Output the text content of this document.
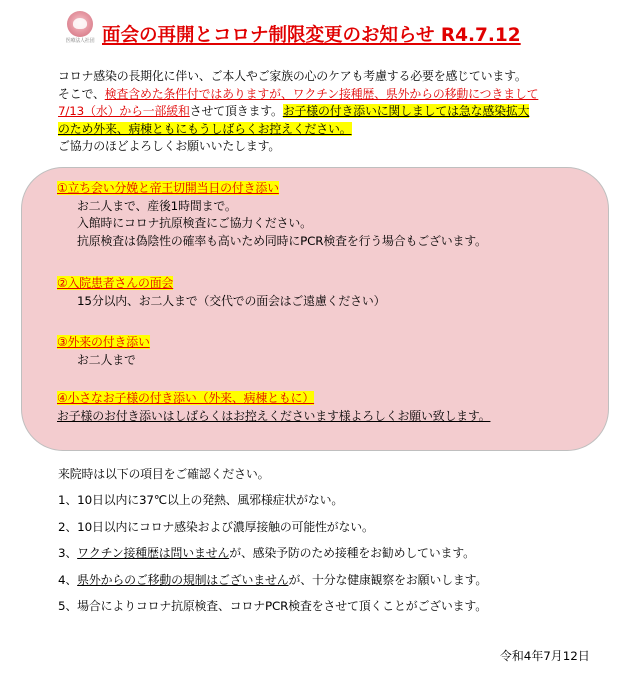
医療法人社団 面会の再開とコロナ制限変更のお知らせ R4.7.12

コロナ感染の長期化に伴い、ご本人やご家族の心のケアも考慮する必要を感じています。

そこで、検査含めた条件付ではありますが、ワクチン接種歴、県外からの移動につきまして

7/13（水）から一部緩和させて頂きます。お子様の付き添いに関しましては急な感染拡大

のため外来、病棟ともにもうしばらくお控えください。

ご協力のほどよろしくお願いいたします。

①立ち会い分娩と帝王切開当日の付き添い

お二人まで、産後1時間まで。

入館時にコロナ抗原検査にご協力ください。

抗原検査は偽陰性の確率も高いため同時にPCR検査を行う場合もございます。

②入院患者さんの面会

15分以内、お二人まで（交代での面会はご遠慮ください）

③外来の付き添い

お二人まで

④小さなお子様の付き添い（外来、病棟ともに）

お子様のお付き添いはしばらくはお控えくださいます様よろしくお願い致します。

来院時は以下の項目をご確認ください。

1、10日以内に37℃以上の発熱、風邪様症状がない。

2、10日以内にコロナ感染および濃厚接触の可能性がない。

3、ワクチン接種歴は問いませんが、感染予防のため接種をお勧めしています。

4、県外からのご移動の規制はございませんが、十分な健康観察をお願いします。

5、場合によりコロナ抗原検査、コロナPCR検査をさせて頂くことがございます。

令和4年7月12日
